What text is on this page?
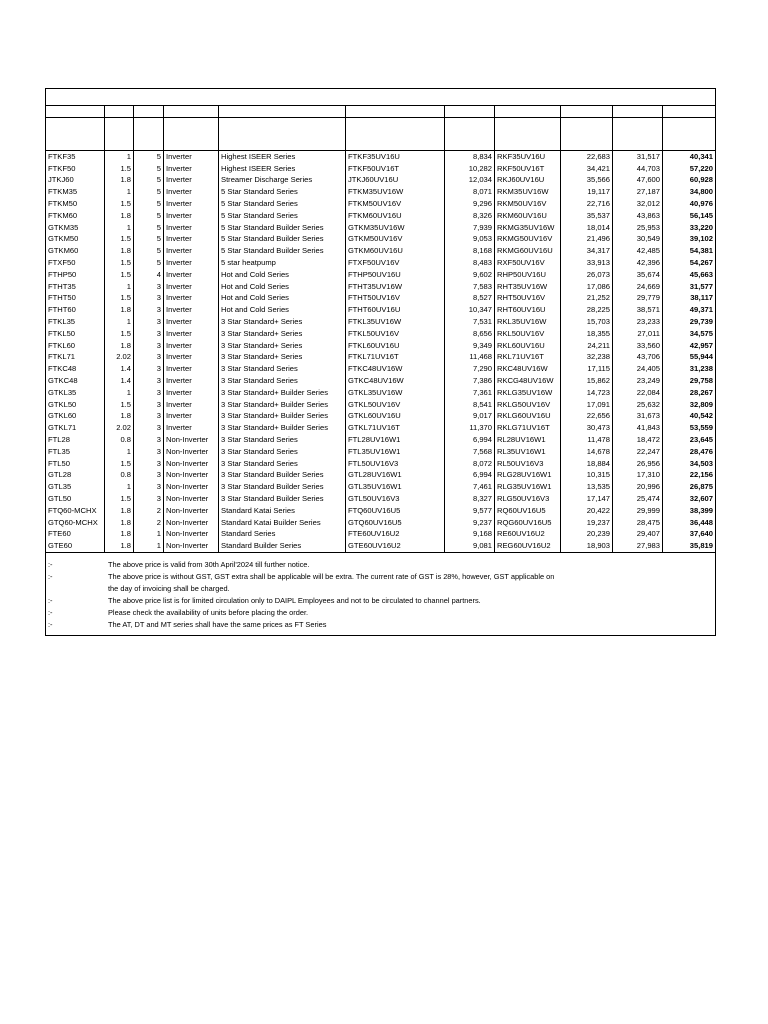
FTKF35	1	5	Inverter	Highest ISEER Series	FTKF35UV16U	8,834	RKF35UV16U	22,683	31,517	40,341
FTKF50	1.5	5	Inverter	Highest ISEER Series	FTKF50UV16T	10,282	RKF50UV16T	34,421	44,703	57,220
JTKJ60	1.8	5	Inverter	Streamer Discharge Series	JTKJ60UV16U	12,034	RKJ60UV16U	35,566	47,600	60,928
FTKM35	1	5	Inverter	5 Star Standard Series	FTKM35UV16W	8,071	RKM35UV16W	19,117	27,187	34,800
FTKM50	1.5	5	Inverter	5 Star Standard Series	FTKM50UV16V	9,296	RKM50UV16V	22,716	32,012	40,976
FTKM60	1.8	5	Inverter	5 Star Standard Series	FTKM60UV16U	8,326	RKM60UV16U	35,537	43,863	56,145
GTKM35	1	5	Inverter	5 Star Standard Builder Series	GTKM35UV16W	7,939	RKMG35UV16W	18,014	25,953	33,220
GTKM50	1.5	5	Inverter	5 Star Standard Builder Series	GTKM50UV16V	9,053	RKMG50UV16V	21,496	30,549	39,102
GTKM60	1.8	5	Inverter	5 Star Standard Builder Series	GTKM60UV16U	8,168	RKMG60UV16U	34,317	42,485	54,381
FTXF50	1.5	5	Inverter	5 star heatpump	FTXF50UV16V	8,483	RXF50UV16V	33,913	42,396	54,267
FTHP50	1.5	4	Inverter	Hot and Cold Series	FTHP50UV16U	9,602	RHP50UV16U	26,073	35,674	45,663
FTHT35	1	3	Inverter	Hot and Cold Series	FTHT35UV16W	7,583	RHT35UV16W	17,086	24,669	31,577
FTHT50	1.5	3	Inverter	Hot and Cold Series	FTHT50UV16V	8,527	RHT50UV16V	21,252	29,779	38,117
FTHT60	1.8	3	Inverter	Hot and Cold Series	FTHT60UV16U	10,347	RHT60UV16U	28,225	38,571	49,371
FTKL35	1	3	Inverter	3 Star Standard+ Series	FTKL35UV16W	7,531	RKL35UV16W	15,703	23,233	29,739
FTKL50	1.5	3	Inverter	3 Star Standard+ Series	FTKL50UV16V	8,656	RKL50UV16V	18,355	27,011	34,575
FTKL60	1.8	3	Inverter	3 Star Standard+ Series	FTKL60UV16U	9,349	RKL60UV16U	24,211	33,560	42,957
FTKL71	2.02	3	Inverter	3 Star Standard+ Series	FTKL71UV16T	11,468	RKL71UV16T	32,238	43,706	55,944
FTKC48	1.4	3	Inverter	3 Star Standard Series	FTKC48UV16W	7,290	RKC48UV16W	17,115	24,405	31,238
GTKC48	1.4	3	Inverter	3 Star Standard Series	GTKC48UV16W	7,386	RKCG48UV16W	15,862	23,249	29,758
GTKL35	1	3	Inverter	3 Star Standard+ Builder Series	GTKL35UV16W	7,361	RKLG35UV16W	14,723	22,084	28,267
GTKL50	1.5	3	Inverter	3 Star Standard+ Builder Series	GTKL50UV16V	8,541	RKLG50UV16V	17,091	25,632	32,809
GTKL60	1.8	3	Inverter	3 Star Standard+ Builder Series	GTKL60UV16U	9,017	RKLG60UV16U	22,656	31,673	40,542
GTKL71	2.02	3	Inverter	3 Star Standard+ Builder Series	GTKL71UV16T	11,370	RKLG71UV16T	30,473	41,843	53,559
FTL28	0.8	3	Non-Inverter	3 Star Standard Series	FTL28UV16W1	6,994	RL28UV16W1	11,478	18,472	23,645
FTL35	1	3	Non-Inverter	3 Star Standard Series	FTL35UV16W1	7,568	RL35UV16W1	14,678	22,247	28,476
FTL50	1.5	3	Non-Inverter	3 Star Standard Series	FTL50UV16V3	8,072	RL50UV16V3	18,884	26,956	34,503
GTL28	0.8	3	Non-Inverter	3 Star Standard Builder Series	GTL28UV16W1	6,994	RLG28UV16W1	10,315	17,310	22,156
GTL35	1	3	Non-Inverter	3 Star Standard Builder Series	GTL35UV16W1	7,461	RLG35UV16W1	13,535	20,996	26,875
GTL50	1.5	3	Non-Inverter	3 Star Standard Builder Series	GTL50UV16V3	8,327	RLG50UV16V3	17,147	25,474	32,607
FTQ60-MCHX	1.8	2	Non-Inverter	Standard Katai Series	FTQ60UV16U5	9,577	RQ60UV16U5	20,422	29,999	38,399
GTQ60-MCHX	1.8	2	Non-Inverter	Standard Katai Builder Series	GTQ60UV16U5	9,237	RQG60UV16U5	19,237	28,475	36,448
FTE60	1.8	1	Non-Inverter	Standard Series	FTE60UV16U2	9,168	RE60UV16U2	20,239	29,407	37,640
GTE60	1.8	1	Non-Inverter	Standard Builder Series	GTE60UV16U2	9,081	REG60UV16U2	18,903	27,983	35,819
:-	The above price is valid from 30th April'2024 till further notice.
:-	The above price is without GST, GST extra shall be applicable will be extra. The current rate of GST is 28%, however, GST applicable on
the day of invoicing shall be charged.
:-	The above price list is for limited circulation only to DAIPL Employees and not to be circulated to channel partners.
:-	Please check the availability of units before placing the order.
:-	The AT, DT and MT series shall have the same prices as FT Series
